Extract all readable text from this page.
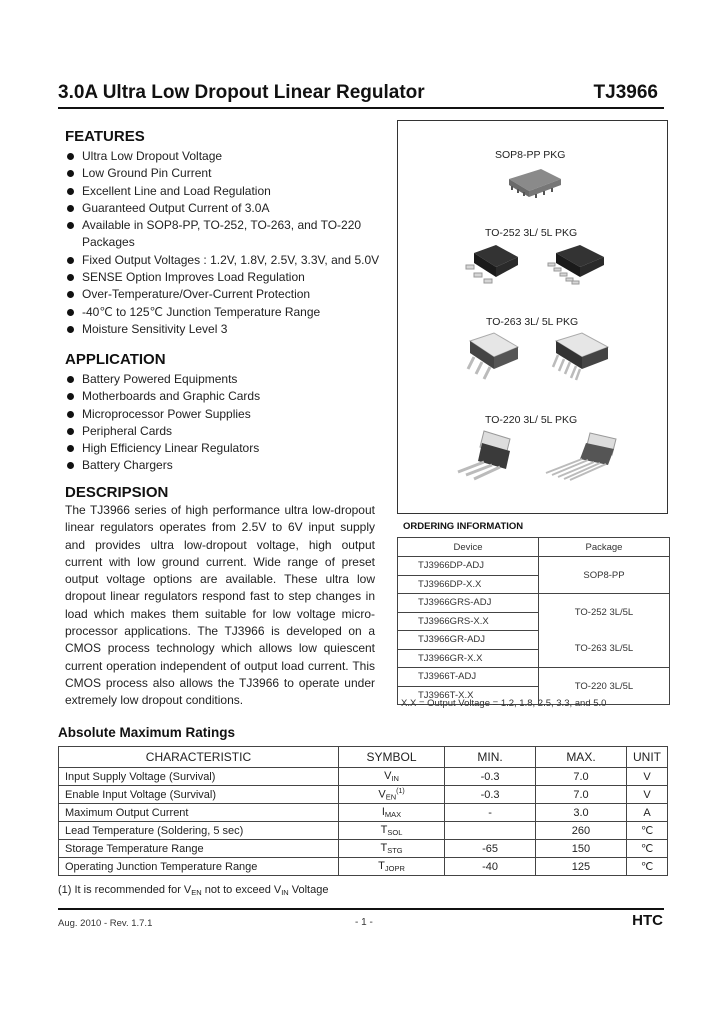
3.0A Ultra Low Dropout Linear Regulator	TJ3966
FEATURES
Ultra Low Dropout Voltage
Low Ground Pin Current
Excellent Line and Load Regulation
Guaranteed Output Current of 3.0A
Available in SOP8-PP, TO-252, TO-263, and TO-220 Packages
Fixed Output Voltages : 1.2V, 1.8V, 2.5V, 3.3V, and 5.0V
SENSE Option Improves Load Regulation
Over-Temperature/Over-Current Protection
-40℃ to 125℃ Junction Temperature Range
Moisture Sensitivity Level 3
APPLICATION
Battery Powered Equipments
Motherboards and Graphic Cards
Microprocessor Power Supplies
Peripheral Cards
High Efficiency Linear Regulators
Battery Chargers
DESCRIPSION
The TJ3966 series of high performance ultra low-dropout linear regulators operates from 2.5V to 6V input supply and provides ultra low-dropout voltage, high output current with low ground current. Wide range of preset output voltage options are available. These ultra low dropout linear regulators respond fast to step changes in load which makes them suitable for low voltage micro-processor applications. The TJ3966 is developed on a CMOS process technology which allows low quiescent current operation independent of output load current. This CMOS process also allows the TJ3966 to operate under extremely low dropout conditions.
SOP8-PP PKG
TO-252 3L/ 5L PKG
TO-263 3L/ 5L PKG
TO-220 3L/ 5L PKG
ORDERING INFORMATION
Device	Package

TJ3966DP-ADJ
TJ3966DP-X.X	SOP8-PP

TJ3966GRS-ADJ
TJ3966GRS-X.X	TO-252 3L/5L

TJ3966GR-ADJ
TJ3966GR-X.X	TO-263 3L/5L

TJ3966T-ADJ
TJ3966T-X.X	TO-220 3L/5L
X.X = Output Voltage = 1.2, 1.8, 2.5, 3.3, and 5.0
Absolute Maximum Ratings
CHARACTERISTIC	SYMBOL	MIN.	MAX.	UNIT
Input Supply Voltage (Survival)	$V_{IN}$	-0.3	7.0	V
Enable Input Voltage (Survival)	$V_{EN}^{(1)}$	-0.3	7.0	V
Maximum Output Current	$I_{MAX}$	-	3.0	A
Lead Temperature (Soldering, 5 sec)	$T_{SOL}$		260	℃
Storage Temperature Range	$T_{STG}$	-65	150	℃
Operating Junction Temperature Range	$T_{JOPR}$	-40	125	℃
(1) It is recommended for $V_{EN}$ not to exceed $V_{IN}$ Voltage
Aug. 2010 - Rev. 1.7.1	- 1 -	HTC
